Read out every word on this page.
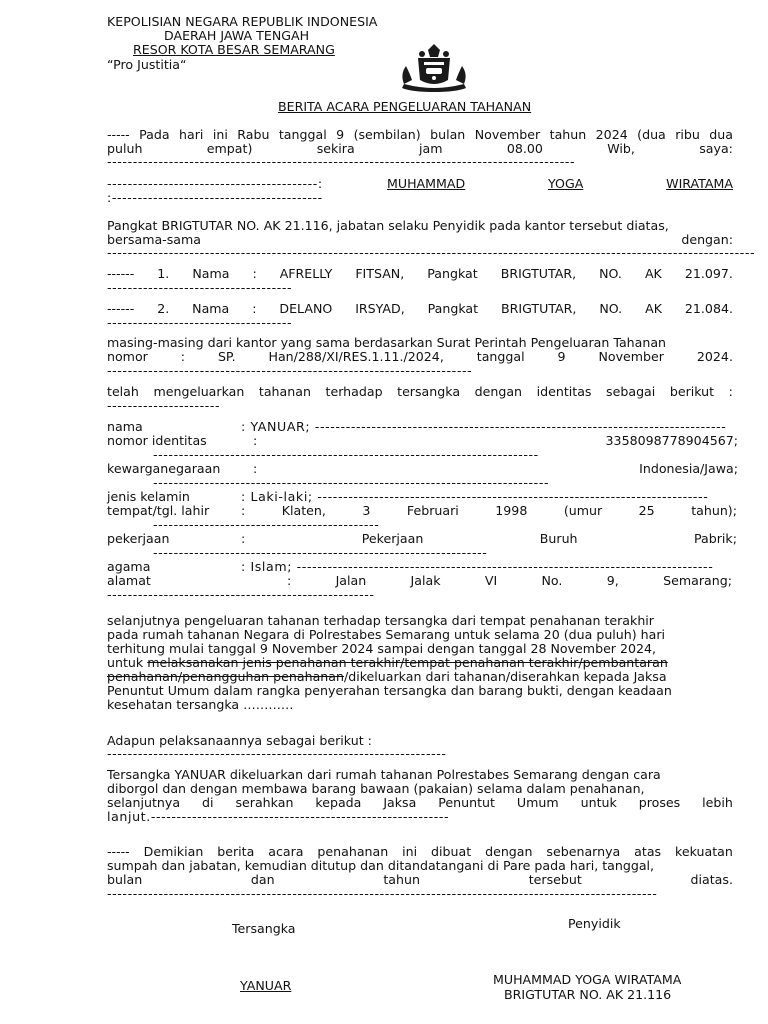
KEPOLISIAN NEGARA REPUBLIK INDONESIA
DAERAH JAWA TENGAH
RESOR KOTA BESAR SEMARANG
“Pro Justitia“
BERITA ACARA PENGELUARAN TAHANAN
----- Pada hari ini Rabu tanggal 9 (sembilan) bulan November tahun 2024 (dua ribu dua
puluh	empat)	sekira	jam	08.00	Wib,	saya:
-------------------------------------------------------------------------------------------
-----------------------------------------:	MUHAMMAD	YOGA	WIRATAMA
:-----------------------------------------
Pangkat BRIGTUTAR NO. AK 21.116, jabatan selaku Penyidik pada kantor tersebut diatas,
bersama-sama	dengan:
------------------------------------------------------------------------------------------------------------------------------
------ 1. Nama : AFRELLY FITSAN, Pangkat BRIGTUTAR, NO. AK 21.097.
------------------------------------
------ 2. Nama : DELANO IRSYAD, Pangkat BRIGTUTAR, NO. AK 21.084.
------------------------------------
masing-masing dari kantor yang sama berdasarkan Surat Perintah Pengeluaran Tahanan
nomor	:	SP.	Han/288/XI/RES.1.11./2024,	tanggal	9	November	2024.
-----------------------------------------------------------------------
telah mengeluarkan tahanan terhadap tersangka dengan identitas sebagai berikut :
----------------------
nama	: YANUAR; --------------------------------------------------------------------------------
nomor identitas	:	3358098778904567;
---------------------------------------------------------------------------
kewarganegaraan	:	Indonesia/Jawa;
-----------------------------------------------------------------------------
jenis kelamin	: Laki-laki; ----------------------------------------------------------------------------
tempat/tgl. lahir	:	Klaten,	3	Februari	1998	(umur	25	tahun);
--------------------------------------------
pekerjaan	:	Pekerjaan	Buruh	Pabrik;
-----------------------------------------------------------------
agama	: Islam; ---------------------------------------------------------------------------------
alamat	:	Jalan	Jalak	VI	No.	9,	Semarang;
----------------------------------------------------
selanjutnya pengeluaran tahanan terhadap tersangka dari tempat penahanan terakhir
pada rumah tahanan Negara di Polrestabes Semarang untuk selama 20 (dua puluh) hari
terhitung mulai tanggal 9 November 2024 sampai dengan tanggal 28 November 2024,
untuk melaksanakan jenis penahanan terakhir/tempat penahanan terakhir/pembantaran
penahanan/penangguhan penahanan/dikeluarkan dari tahanan/diserahkan kepada Jaksa
Penuntut Umum dalam rangka penyerahan tersangka dan barang bukti, dengan keadaan
kesehatan tersangka …………
Adapun pelaksanaannya sebagai berikut :
------------------------------------------------------------------
Tersangka YANUAR dikeluarkan dari rumah tahanan Polrestabes Semarang dengan cara
diborgol dan dengan membawa barang bawaan (pakaian) selama dalam penahanan,
selanjutnya di serahkan kepada Jaksa Penuntut Umum untuk proses lebih
lanjut.----------------------------------------------------------
----- Demikian berita acara penahanan ini dibuat dengan sebenarnya atas kekuatan
sumpah dan jabatan, kemudian ditutup dan ditandatangani di Pare pada hari, tanggal,
bulan	dan	tahun	tersebut	diatas.
-----------------------------------------------------------------------------------------------------------
Tersangka
YANUAR
Penyidik
MUHAMMAD YOGA WIRATAMA
BRIGTUTAR NO. AK 21.116
